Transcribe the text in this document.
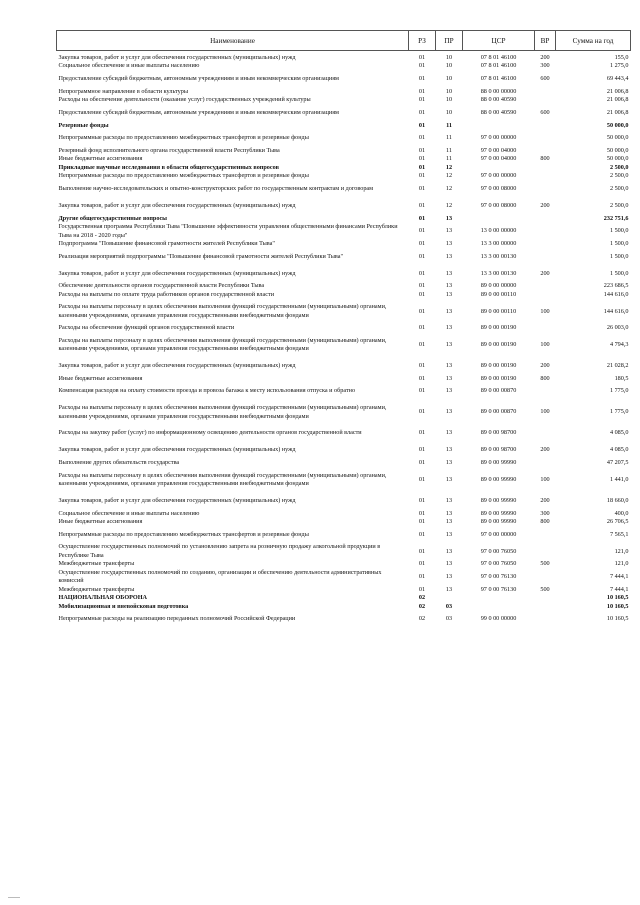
Наименование	РЗ	ПР	ЦСР	ВР	Сумма на год

Закупка товаров, работ и услуг для обеспечения государственных (муниципальных) нужд	01	10	07 8 01 46100	200	155,0
Социальное обеспечение и иные выплаты населению	01	10	07 8 01 46100	300	1 275,0
Предоставление субсидий бюджетным, автономным учреждениям и иным некоммерческим организациям	01	10	07 8 01 46100	600	69 443,4
Непрограммное направление в области культуры	01	10	88 0 00 00000		21 006,8
Расходы на обеспечение деятельности (оказание услуг) государственных учреждений культуры	01	10	88 0 00 40590		21 006,8
Предоставление субсидий бюджетным, автономным учреждениям и иным некоммерческим организациям	01	10	88 0 00 40590	600	21 006,8
Резервные фонды	01	11			50 000,0
Непрограммные расходы по предоставлению межбюджетных трансфертов и резервные фонды	01	11	97 0 00 00000		50 000,0
Резервный фонд исполнительного органа государственной власти Республики Тыва	01	11	97 0 00 04000		50 000,0
Иные бюджетные ассигнования	01	11	97 0 00 04000	800	50 000,0
Прикладные научные исследования в области общегосударственных вопросов	01	12			2 500,0
Непрограммные расходы по предоставлению межбюджетных трансфертов и резервные фонды	01	12	97 0 00 00000		2 500,0
Выполнение научно-исследовательских и опытно-конструкторских работ по государственным контрактам и договорам	01	12	97 0 00 08000		2 500,0
Закупка товаров, работ и услуг для обеспечения государственных (муниципальных) нужд	01	12	97 0 00 08000	200	2 500,0
Другие общегосударственные вопросы	01	13			232 751,6
Государственная программа Республики Тыва "Повышение эффективности управления общественными финансами Республики Тыва на 2018 - 2020 годы"	01	13	13 0 00 00000		1 500,0
Подпрограмма "Повышение финансовой грамотности жителей Республики Тыва"	01	13	13 3 00 00000		1 500,0
Реализация мероприятий подпрограммы "Повышение финансовой грамотности жителей Республики Тыва"	01	13	13 3 00 00130		1 500,0
Закупка товаров, работ и услуг для обеспечения государственных (муниципальных) нужд	01	13	13 3 00 00130	200	1 500,0
Обеспечение деятельности органов государственной власти Республики Тыва	01	13	89 0 00 00000		223 686,5
Расходы на выплаты по оплате труда работников органов государственной власти	01	13	89 0 00 00110		144 616,0
Расходы на выплаты персоналу в целях обеспечения выполнения функций государственными (муниципальными) органами, казенными учреждениями, органами управления государственными внебюджетными фондами	01	13	89 0 00 00110	100	144 616,0
Расходы на обеспечение функций органов государственной власти	01	13	89 0 00 00190		26 003,0
Расходы на выплаты персоналу в целях обеспечения выполнения функций государственными (муниципальными) органами, казенными учреждениями, органами управления государственными внебюджетными фондами	01	13	89 0 00 00190	100	4 794,3
Закупка товаров, работ и услуг для обеспечения государственных (муниципальных) нужд	01	13	89 0 00 00190	200	21 028,2
Иные бюджетные ассигнования	01	13	89 0 00 00190	800	180,5
Компенсация расходов на оплату стоимости проезда и провоза багажа к месту использования отпуска и обратно	01	13	89 0 00 00870		1 775,0
Расходы на выплаты персоналу в целях обеспечения выполнения функций государственными (муниципальными) органами, казенными учреждениями, органами управления государственными внебюджетными фондами	01	13	89 0 00 00870	100	1 775,0
Расходы на закупку работ (услуг) по информационному освещению деятельности органов государственной власти	01	13	89 0 00 98700		4 085,0
Закупка товаров, работ и услуг для обеспечения государственных (муниципальных) нужд	01	13	89 0 00 98700	200	4 085,0
Выполнение других обязательств государства	01	13	89 0 00 99990		47 207,5
Расходы на выплаты персоналу в целях обеспечения выполнения функций государственными (муниципальными) органами, казенными учреждениями, органами управления государственными внебюджетными фондами	01	13	89 0 00 99990	100	1 441,0
Закупка товаров, работ и услуг для обеспечения государственных (муниципальных) нужд	01	13	89 0 00 99990	200	18 660,0
Социальное обеспечение и иные выплаты населению	01	13	89 0 00 99990	300	400,0
Иные бюджетные ассигнования	01	13	89 0 00 99990	800	26 706,5
Непрограммные расходы по предоставлению межбюджетных трансфертов и резервные фонды	01	13	97 0 00 00000		7 565,1
Осуществление государственных полномочий по установлению запрета на розничную продажу алкогольной продукции в Республике Тыва	01	13	97 0 00 76050		121,0
Межбюджетные трансферты	01	13	97 0 00 76050	500	121,0
Осуществление государственных полномочий по созданию, организации и обеспечению деятельности административных комиссий	01	13	97 0 00 76130		7 444,1
Межбюджетные трансферты	01	13	97 0 00 76130	500	7 444,1
НАЦИОНАЛЬНАЯ ОБОРОНА	02				10 160,5
Мобилизационная и вневойсковая подготовка	02	03			10 160,5
Непрограммные расходы на реализацию переданных полномочий Российской Федерации	02	03	99 0 00 00000		10 160,5
